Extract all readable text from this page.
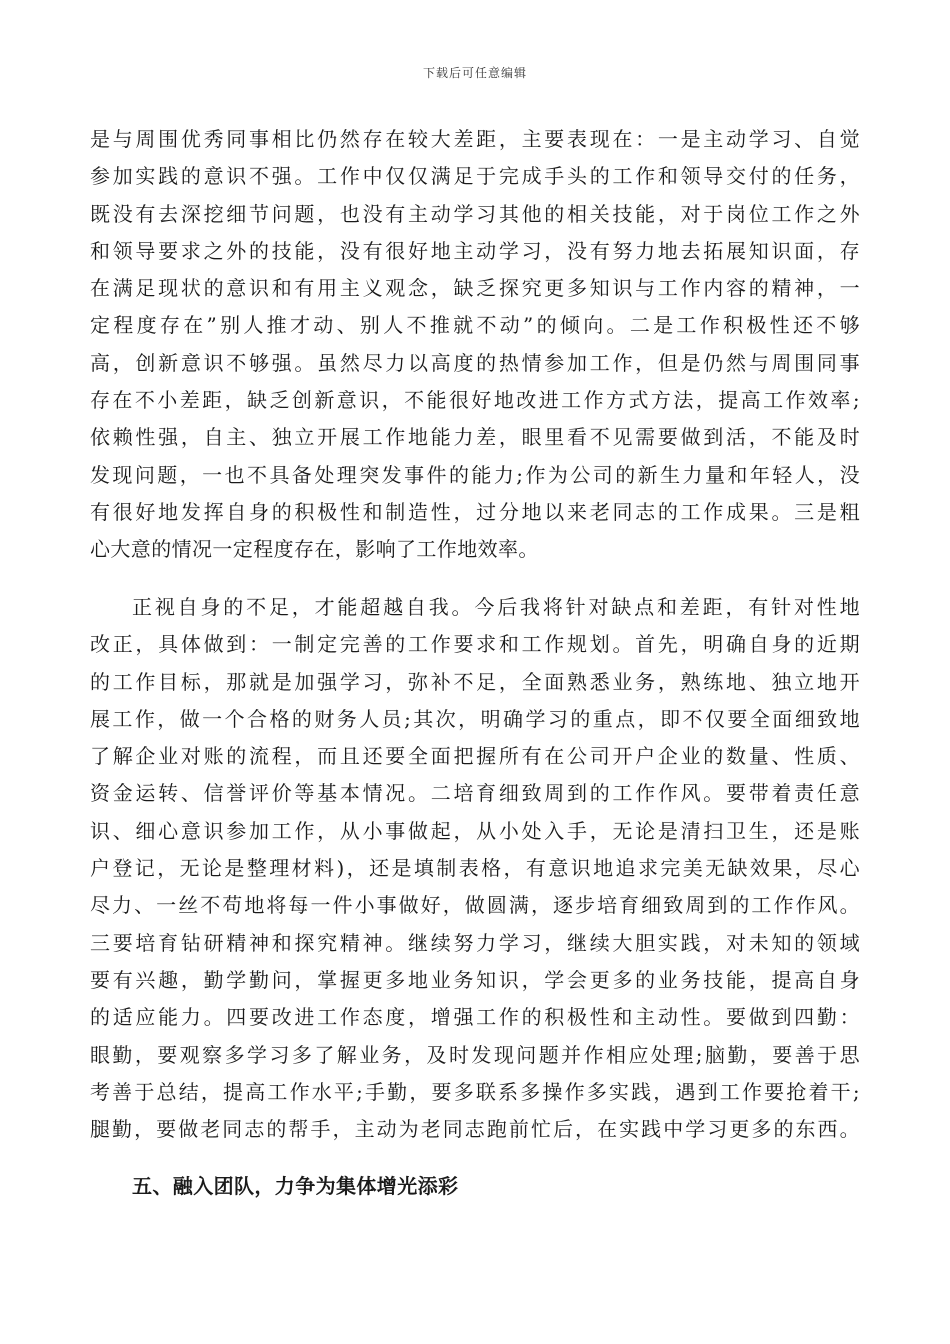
下载后可任意编辑
是与周围优秀同事相比仍然存在较大差距，主要表现在：一是主动学习、自觉
参加实践的意识不强。工作中仅仅满足于完成手头的工作和领导交付的任务，
既没有去深挖细节问题，也没有主动学习其他的相关技能，对于岗位工作之外
和领导要求之外的技能，没有很好地主动学习，没有努力地去拓展知识面，存
在满足现状的意识和有用主义观念，缺乏探究更多知识与工作内容的精神，一
定程度存在”别人推才动、别人不推就不动”的倾向。二是工作积极性还不够
高，创新意识不够强。虽然尽力以高度的热情参加工作，但是仍然与周围同事
存在不小差距，缺乏创新意识，不能很好地改进工作方式方法，提高工作效率;
依赖性强，自主、独立开展工作地能力差，眼里看不见需要做到活，不能及时
发现问题，一也不具备处理突发事件的能力;作为公司的新生力量和年轻人，没
有很好地发挥自身的积极性和制造性，过分地以来老同志的工作成果。三是粗
心大意的情况一定程度存在，影响了工作地效率。
正视自身的不足，才能超越自我。今后我将针对缺点和差距，有针对性地
改正，具体做到：一制定完善的工作要求和工作规划。首先，明确自身的近期
的工作目标，那就是加强学习，弥补不足，全面熟悉业务，熟练地、独立地开
展工作，做一个合格的财务人员;其次，明确学习的重点，即不仅要全面细致地
了解企业对账的流程，而且还要全面把握所有在公司开户企业的数量、性质、
资金运转、信誉评价等基本情况。二培育细致周到的工作作风。要带着责任意
识、细心意识参加工作，从小事做起，从小处入手，无论是清扫卫生，还是账
户登记，无论是整理材料)，还是填制表格，有意识地追求完美无缺效果，尽心
尽力、一丝不苟地将每一件小事做好，做圆满，逐步培育细致周到的工作作风。
三要培育钻研精神和探究精神。继续努力学习，继续大胆实践，对未知的领域
要有兴趣，勤学勤问，掌握更多地业务知识，学会更多的业务技能，提高自身
的适应能力。四要改进工作态度，增强工作的积极性和主动性。要做到四勤：
眼勤，要观察多学习多了解业务，及时发现问题并作相应处理;脑勤，要善于思
考善于总结，提高工作水平;手勤，要多联系多操作多实践，遇到工作要抢着干;
腿勤，要做老同志的帮手，主动为老同志跑前忙后，在实践中学习更多的东西。
五、融入团队，力争为集体增光添彩
